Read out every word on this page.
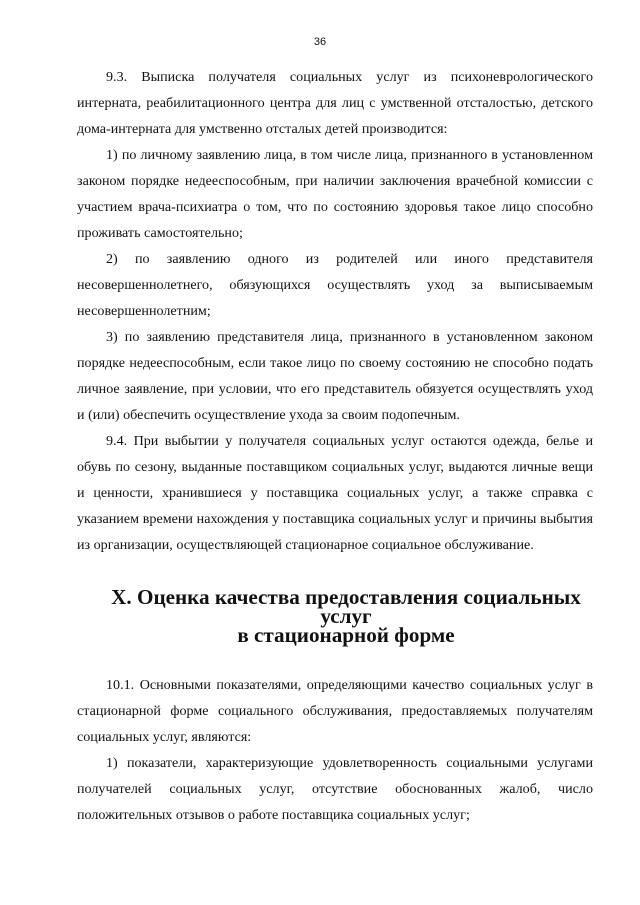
36

9.3. Выписка получателя социальных услуг из психоневрологического интерната, реабилитационного центра для лиц с умственной отсталостью, детского дома-интерната для умственно отсталых детей производится:

1) по личному заявлению лица, в том числе лица, признанного в установленном законом порядке недееспособным, при наличии заключения врачебной комиссии с участием врача-психиатра о том, что по состоянию здоровья такое лицо способно проживать самостоятельно;

2) по заявлению одного из родителей или иного представителя несовершеннолетнего, обязующихся осуществлять уход за выписываемым несовершеннолетним;

3) по заявлению представителя лица, признанного в установленном законом порядке недееспособным, если такое лицо по своему состоянию не способно подать личное заявление, при условии, что его представитель обязуется осуществлять уход и (или) обеспечить осуществление ухода за своим подопечным.

9.4. При выбытии у получателя социальных услуг остаются одежда, белье и обувь по сезону, выданные поставщиком социальных услуг, выдаются личные вещи и ценности, хранившиеся у поставщика социальных услуг, а также справка с указанием времени нахождения у поставщика социальных услуг и причины выбытия из организации, осуществляющей стационарное социальное обслуживание.

X. Оценка качества предоставления социальных услуг
в стационарной форме

10.1. Основными показателями, определяющими качество социальных услуг в стационарной форме социального обслуживания, предоставляемых получателям социальных услуг, являются:

1) показатели, характеризующие удовлетворенность социальными услугами получателей социальных услуг, отсутствие обоснованных жалоб, число положительных отзывов о работе поставщика социальных услуг;
